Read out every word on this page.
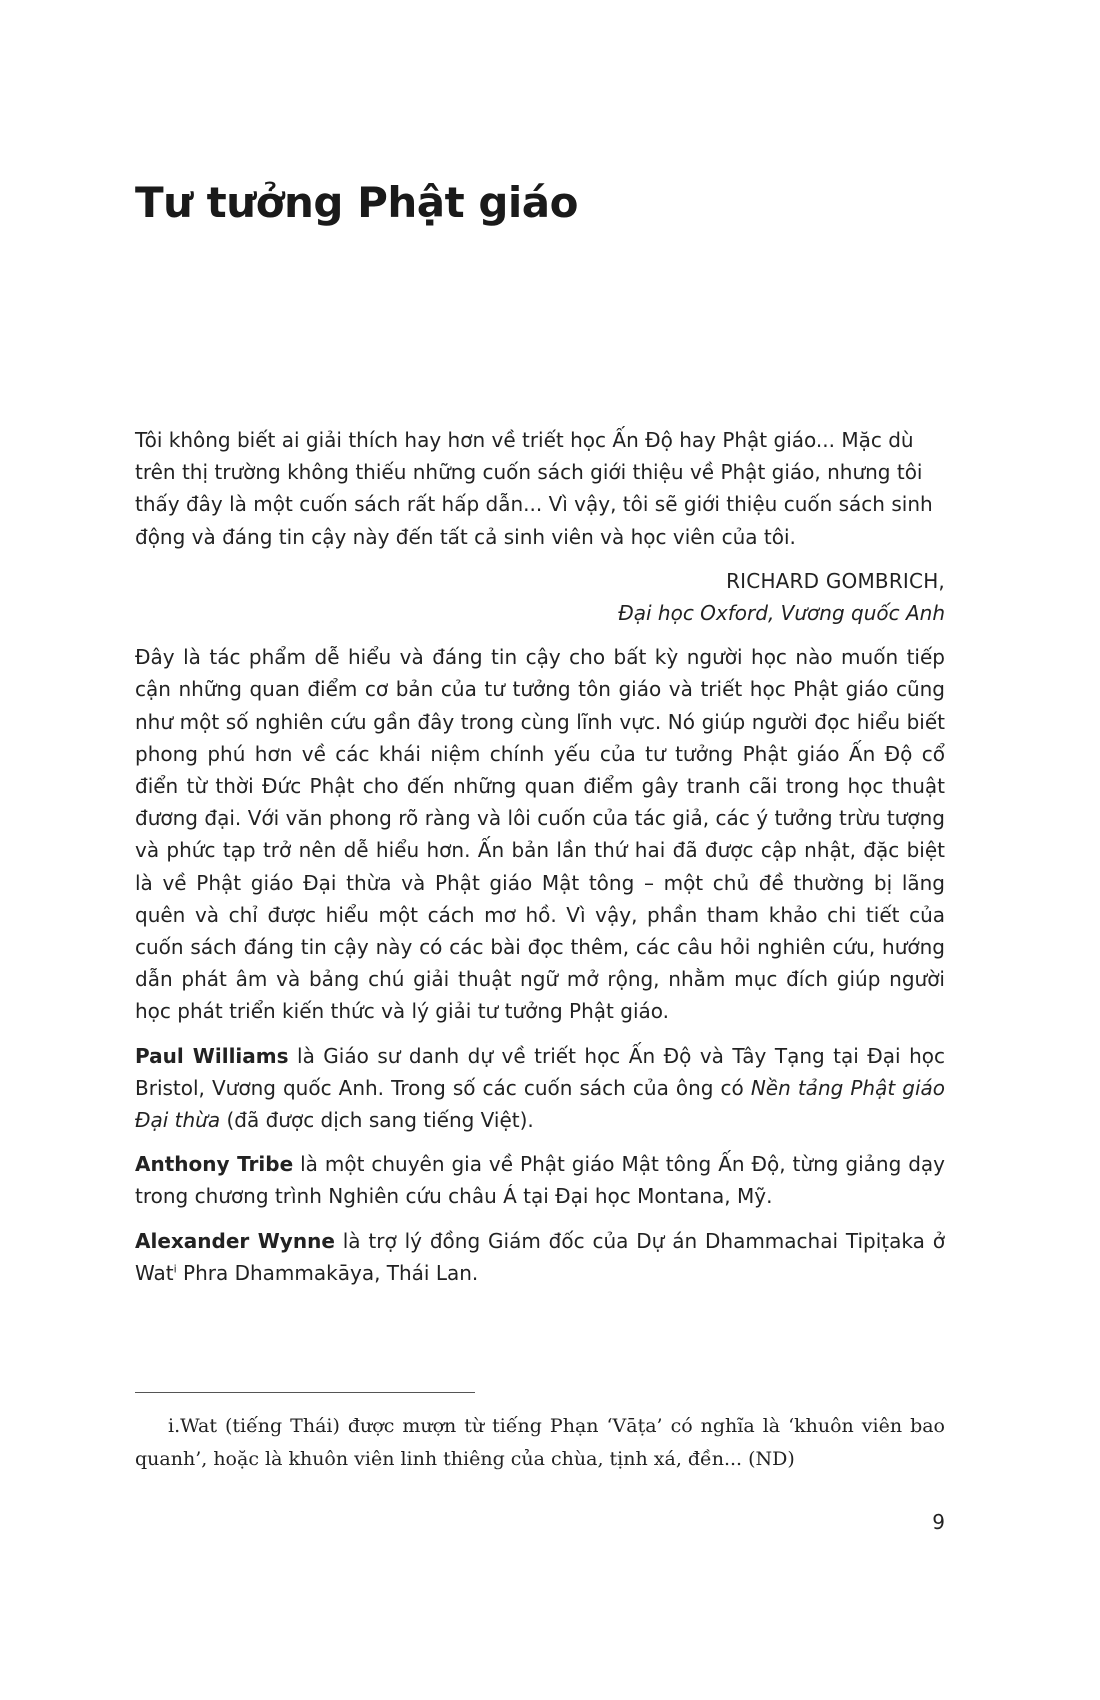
Tư tưởng Phật giáo

Tôi không biết ai giải thích hay hơn về triết học Ấn Độ hay Phật giáo... Mặc dù trên thị trường không thiếu những cuốn sách giới thiệu về Phật giáo, nhưng tôi thấy đây là một cuốn sách rất hấp dẫn... Vì vậy, tôi sẽ giới thiệu cuốn sách sinh động và đáng tin cậy này đến tất cả sinh viên và học viên của tôi.

RICHARD GOMBRICH,
Đại học Oxford, Vương quốc Anh

Đây là tác phẩm dễ hiểu và đáng tin cậy cho bất kỳ người học nào muốn tiếp cận những quan điểm cơ bản của tư tưởng tôn giáo và triết học Phật giáo cũng như một số nghiên cứu gần đây trong cùng lĩnh vực. Nó giúp người đọc hiểu biết phong phú hơn về các khái niệm chính yếu của tư tưởng Phật giáo Ấn Độ cổ điển từ thời Đức Phật cho đến những quan điểm gây tranh cãi trong học thuật đương đại. Với văn phong rõ ràng và lôi cuốn của tác giả, các ý tưởng trừu tượng và phức tạp trở nên dễ hiểu hơn. Ấn bản lần thứ hai đã được cập nhật, đặc biệt là về Phật giáo Đại thừa và Phật giáo Mật tông – một chủ đề thường bị lãng quên và chỉ được hiểu một cách mơ hồ. Vì vậy, phần tham khảo chi tiết của cuốn sách đáng tin cậy này có các bài đọc thêm, các câu hỏi nghiên cứu, hướng dẫn phát âm và bảng chú giải thuật ngữ mở rộng, nhằm mục đích giúp người học phát triển kiến thức và lý giải tư tưởng Phật giáo.

Paul Williams là Giáo sư danh dự về triết học Ấn Độ và Tây Tạng tại Đại học Bristol, Vương quốc Anh. Trong số các cuốn sách của ông có Nền tảng Phật giáo Đại thừa (đã được dịch sang tiếng Việt).

Anthony Tribe là một chuyên gia về Phật giáo Mật tông Ấn Độ, từng giảng dạy trong chương trình Nghiên cứu châu Á tại Đại học Montana, Mỹ.

Alexander Wynne là trợ lý đồng Giám đốc của Dự án Dhammachai Tipiṭaka ở Wat$^i$ Phra Dhammakāya, Thái Lan.

i.Wat (tiếng Thái) được mượn từ tiếng Phạn ‘Vāṭa’ có nghĩa là ‘khuôn viên bao quanh’, hoặc là khuôn viên linh thiêng của chùa, tịnh xá, đền... (ND)

9
